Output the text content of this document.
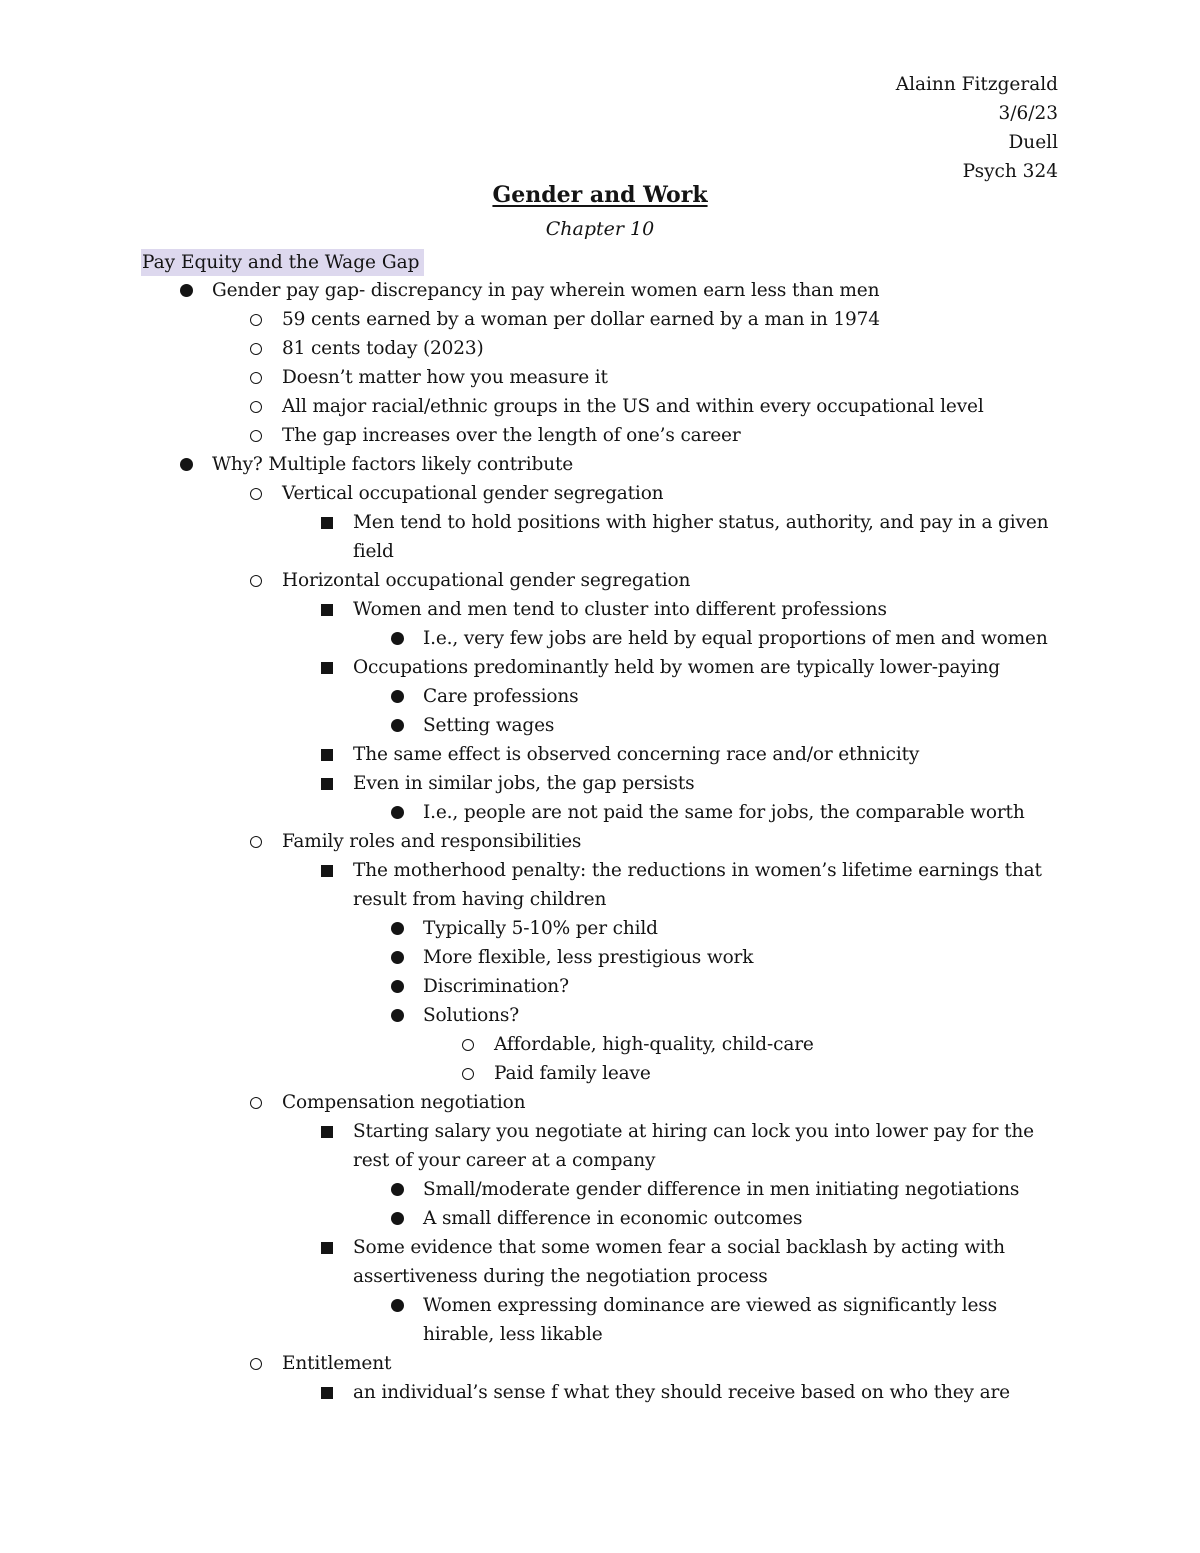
Alainn Fitzgerald
3/6/23
Duell
Psych 324
Gender and Work
Chapter 10
Pay Equity and the Wage Gap
Gender pay gap- discrepancy in pay wherein women earn less than men
59 cents earned by a woman per dollar earned by a man in 1974
81 cents today (2023)
Doesn’t matter how you measure it
All major racial/ethnic groups in the US and within every occupational level
The gap increases over the length of one’s career
Why? Multiple factors likely contribute
Vertical occupational gender segregation
Men tend to hold positions with higher status, authority, and pay in a given field
Horizontal occupational gender segregation
Women and men tend to cluster into different professions
I.e., very few jobs are held by equal proportions of men and women
Occupations predominantly held by women are typically lower-paying
Care professions
Setting wages
The same effect is observed concerning race and/or ethnicity
Even in similar jobs, the gap persists
I.e., people are not paid the same for jobs, the comparable worth
Family roles and responsibilities
The motherhood penalty: the reductions in women’s lifetime earnings that result from having children
Typically 5-10% per child
More flexible, less prestigious work
Discrimination?
Solutions?
Affordable, high-quality, child-care
Paid family leave
Compensation negotiation
Starting salary you negotiate at hiring can lock you into lower pay for the rest of your career at a company
Small/moderate gender difference in men initiating negotiations
A small difference in economic outcomes
Some evidence that some women fear a social backlash by acting with assertiveness during the negotiation process
Women expressing dominance are viewed as significantly less hirable, less likable
Entitlement
an individual’s sense f what they should receive based on who they are
